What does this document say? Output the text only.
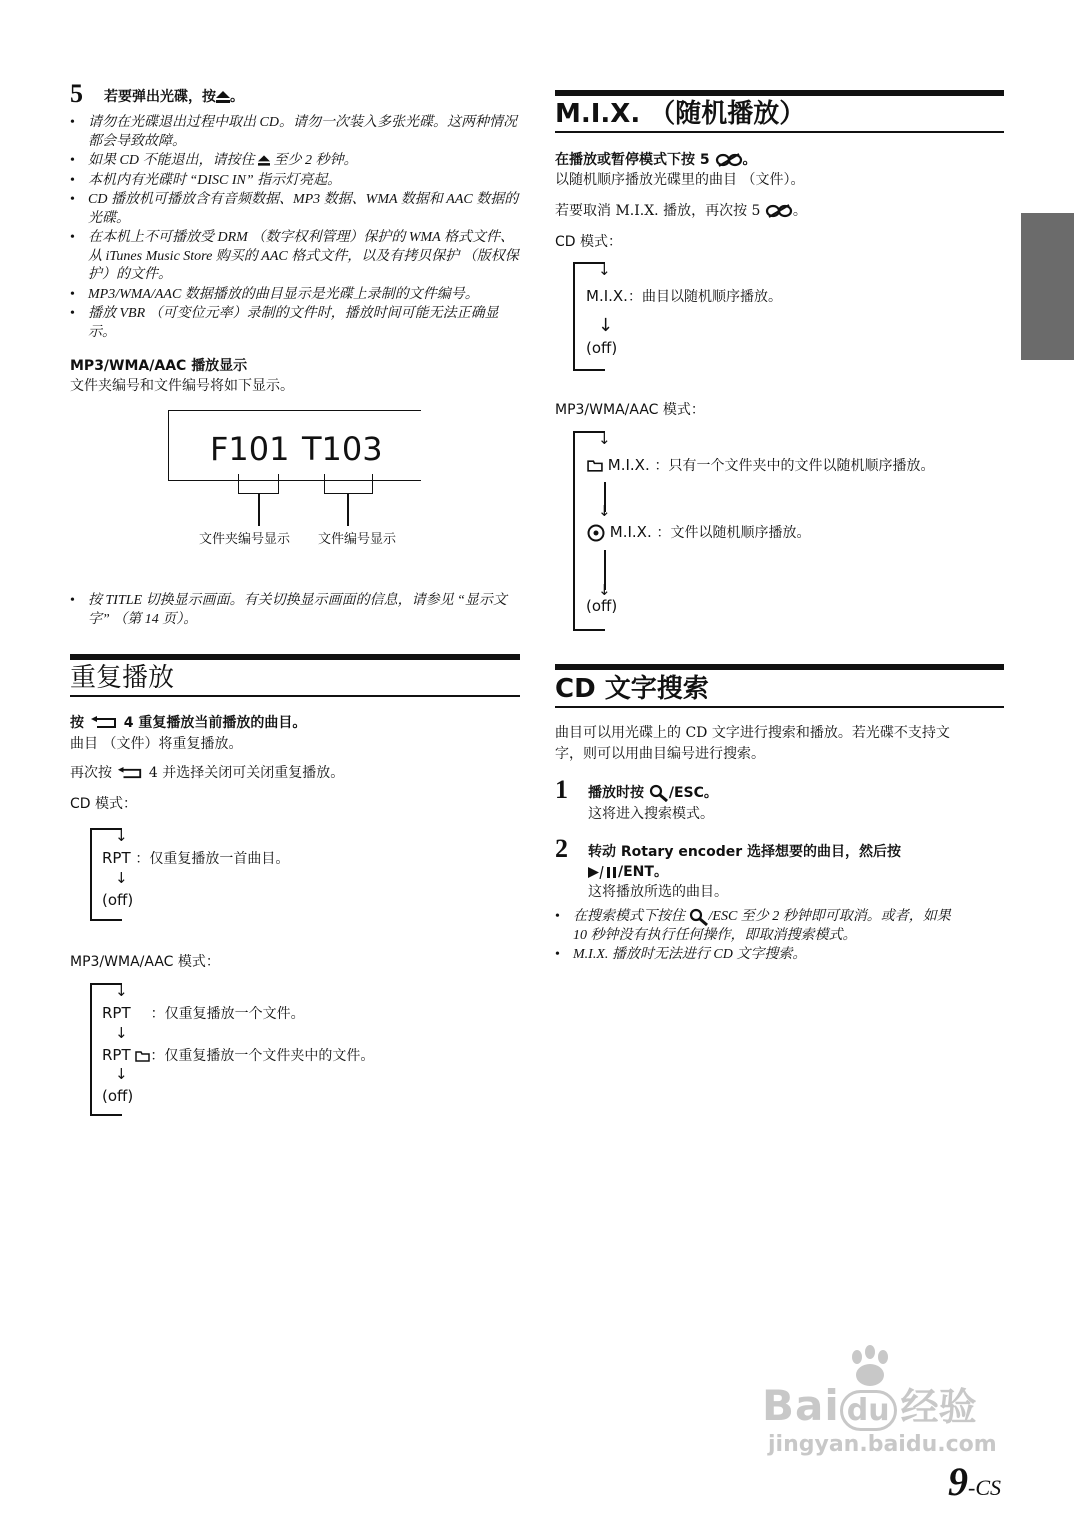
5 若要弹出光碟，按 。
• 请勿在光碟退出过程中取出 CD。请勿一次装入多张光碟。这两种情况都会导致故障。
• 如果 CD 不能退出，请按住 至少 2 秒钟。
• 本机内有光碟时 “DISC IN” 指示灯亮起。
• CD 播放机可播放含有音频数据、MP3 数据、WMA 数据和 AAC 数据的光碟。
• 在本机上不可播放受 DRM （数字权利管理）保护的 WMA 格式文件、从 iTunes Music Store 购买的 AAC 格式文件，以及有拷贝保护 （版权保护）的文件。
• MP3/WMA/AAC 数据播放的曲目显示是光碟上录制的文件编号。
• 播放 VBR （可变位元率）录制的文件时，播放时间可能无法正确显示。
MP3/WMA/AAC 播放显示
文件夹编号和文件编号将如下显示。
F101 T103
文件夹编号显示 文件编号显示
• 按 TITLE 切换显示画面。有关切换显示画面的信息，请参见 “显示文字” （第 14 页）。
重复播放
按	4 重复播放当前播放的曲目。
曲目 （文件）将重复播放。
再次按	4 并选择关闭可关闭重复播放。
CD 模式：
↓
RPT ：仅重复播放一首曲目。
↓
(off)
MP3/WMA/AAC 模式：
↓
RPT ：仅重复播放一个文件。
↓
RPT ：仅重复播放一个文件夹中的文件。
↓
(off)
M.I.X. （随机播放）
在播放或暂停模式下按 5 。
以随机顺序播放光碟里的曲目 （文件）。
若要取消 M.I.X. 播放，再次按 5 。
CD 模式：
↓
M.I.X.：曲目以随机顺序播放。
↓
(off)
MP3/WMA/AAC 模式：
↓
M.I.X. ：只有一个文件夹中的文件以随机顺序播放。
↓
M.I.X. ：文件以随机顺序播放。
↓
(off)
CD 文字搜索
曲目可以用光碟上的 CD 文字进行搜索和播放。若光碟不支持文
字，则可以用曲目编号进行搜索。
1 播放时按 /ESC。
这将进入搜索模式。
2 转动 Rotary encoder 选择想要的曲目，然后按
/ENT。
这将播放所选的曲目。
• 在搜索模式下按住 /ESC 至少 2 秒钟即可取消。或者，如果
10 秒钟没有执行任何操作，即取消搜索模式。
• M.I.X. 播放时无法进行 CD 文字搜索。
Bai du 经验
jingyan.baidu.com
9-CS
